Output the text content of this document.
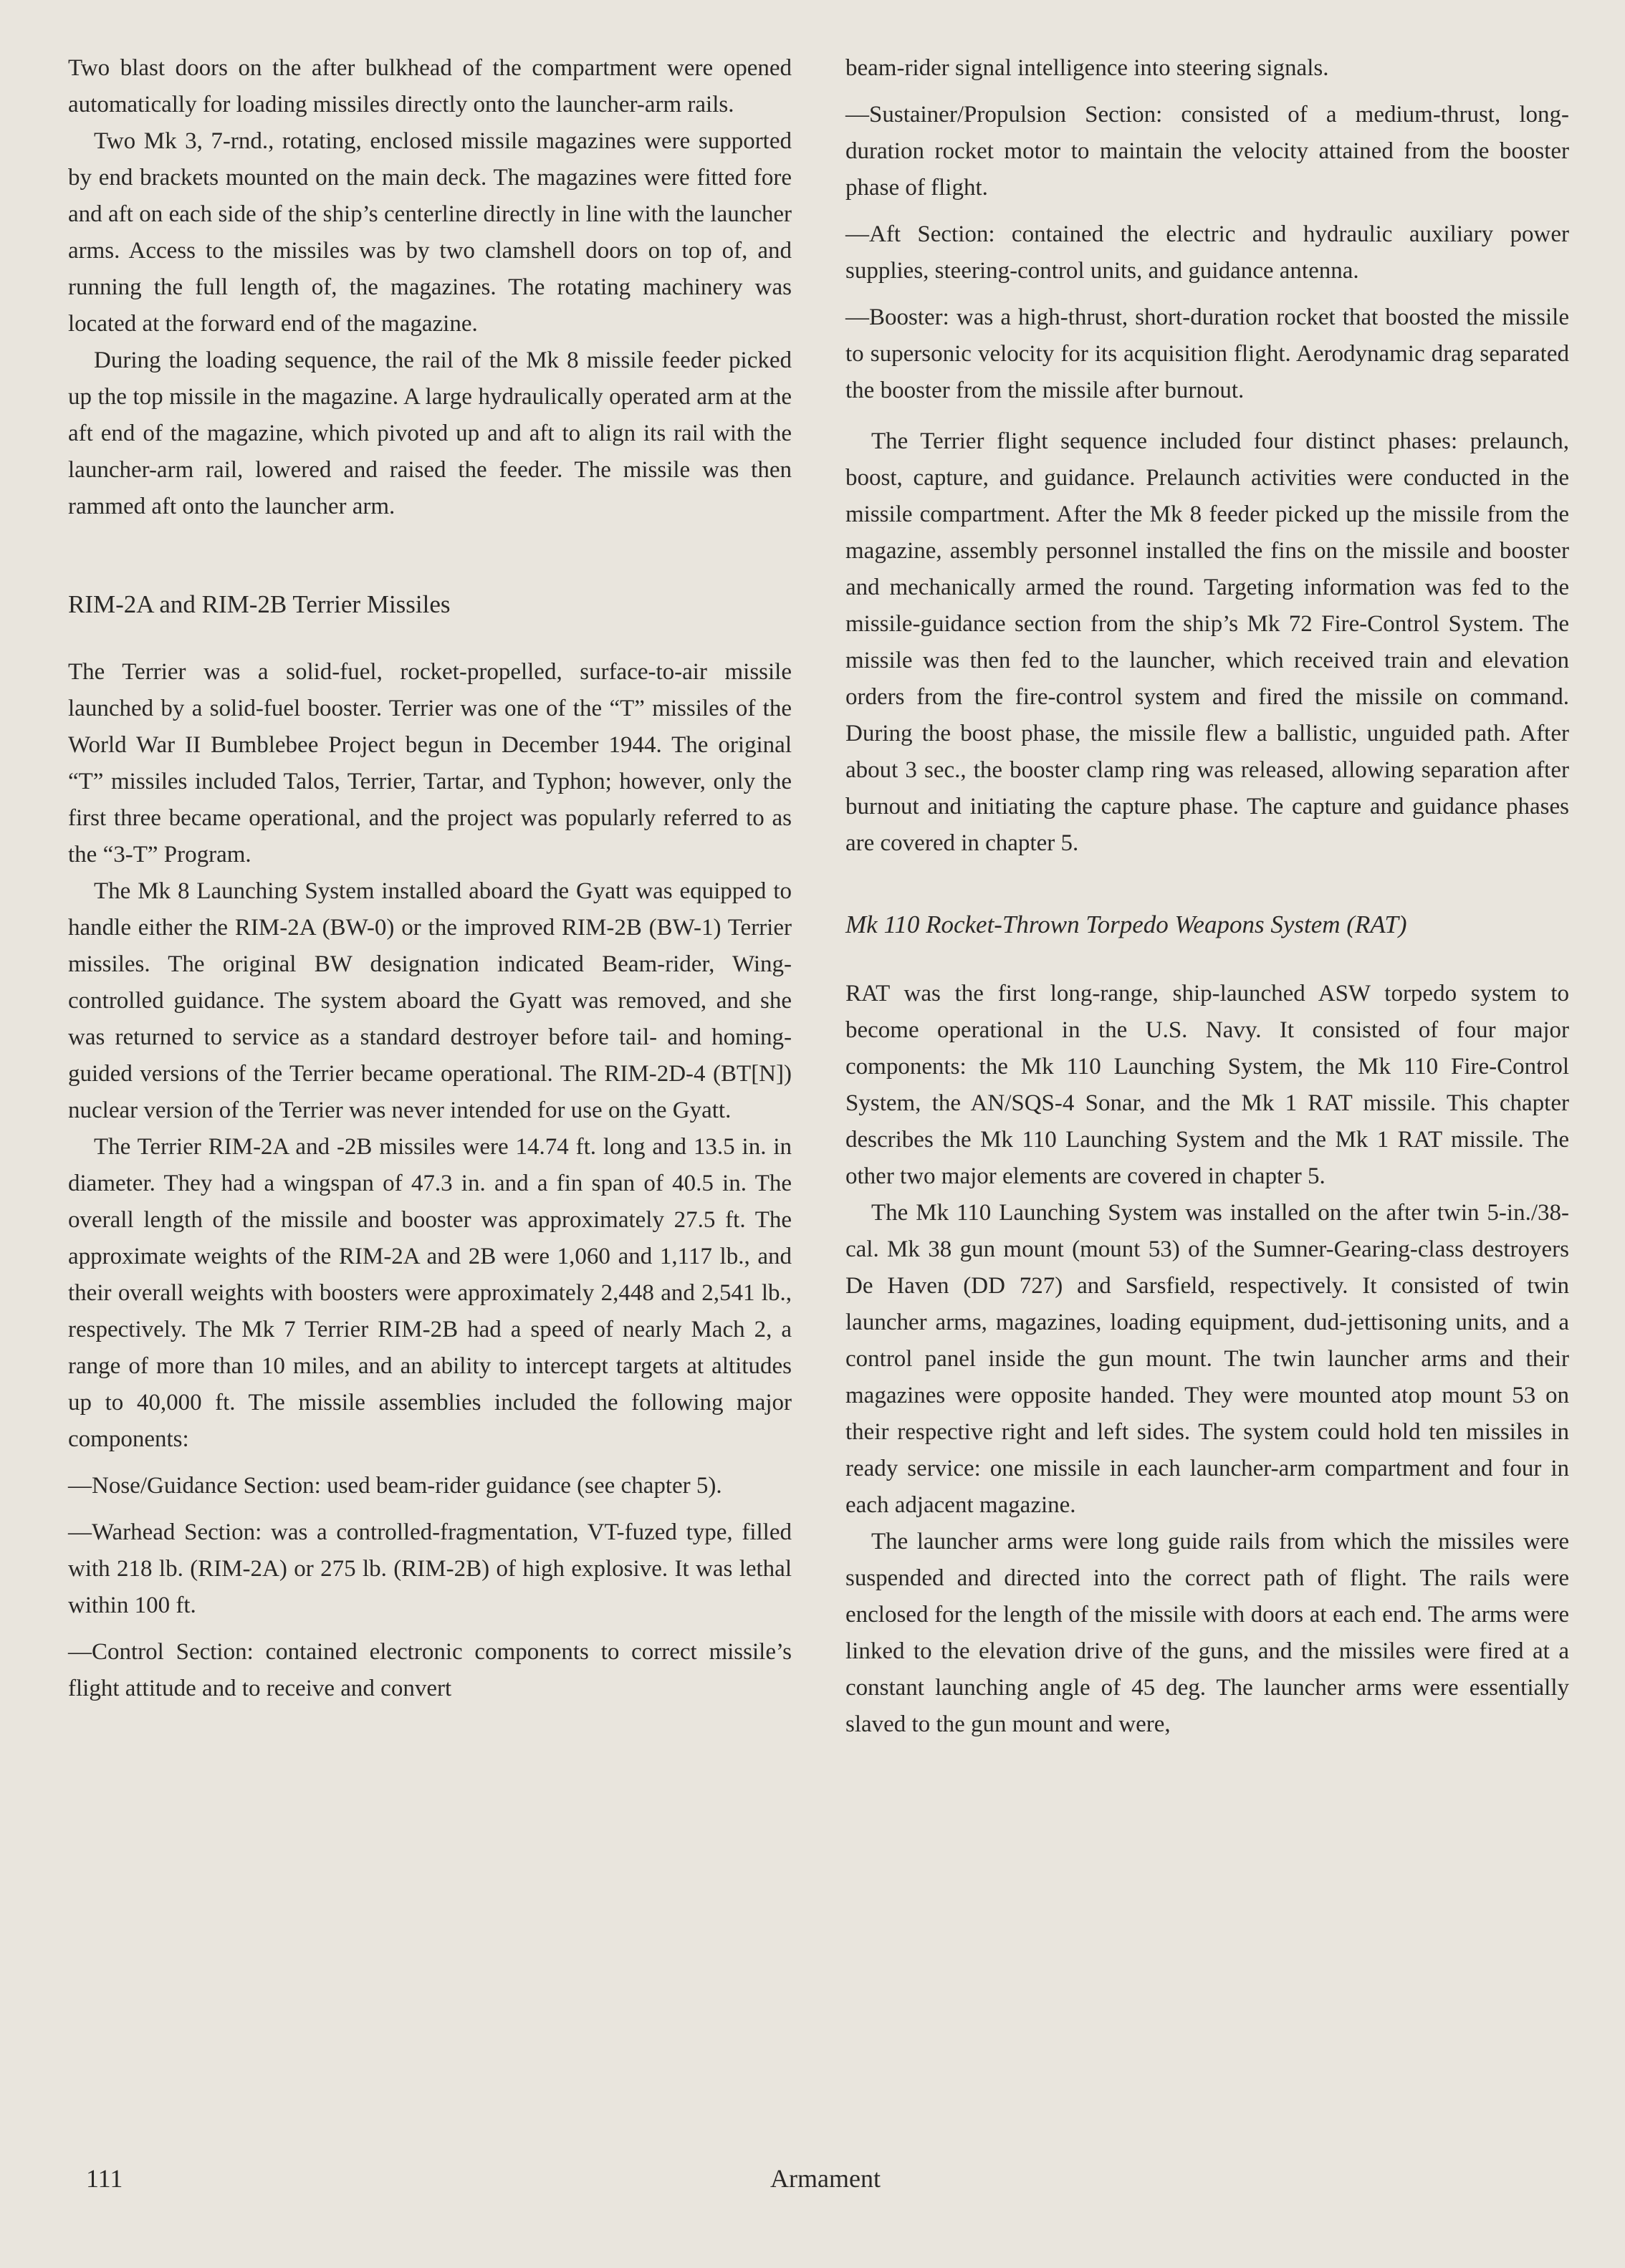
Two blast doors on the after bulkhead of the compartment were opened automatically for loading missiles directly onto the launcher-arm rails.

Two Mk 3, 7-rnd., rotating, enclosed missile magazines were supported by end brackets mounted on the main deck. The magazines were fitted fore and aft on each side of the ship’s centerline directly in line with the launcher arms. Access to the missiles was by two clamshell doors on top of, and running the full length of, the magazines. The rotating machinery was located at the forward end of the magazine.

During the loading sequence, the rail of the Mk 8 missile feeder picked up the top missile in the magazine. A large hydraulically operated arm at the aft end of the magazine, which pivoted up and aft to align its rail with the launcher-arm rail, lowered and raised the feeder. The missile was then rammed aft onto the launcher arm.

RIM-2A and RIM-2B Terrier Missiles

The Terrier was a solid-fuel, rocket-propelled, surface-to-air missile launched by a solid-fuel booster. Terrier was one of the “T” missiles of the World War II Bumblebee Project begun in December 1944. The original “T” missiles included Talos, Terrier, Tartar, and Typhon; however, only the first three became operational, and the project was popularly referred to as the “3-T” Program.

The Mk 8 Launching System installed aboard the Gyatt was equipped to handle either the RIM-2A (BW-0) or the improved RIM-2B (BW-1) Terrier missiles. The original BW designation indicated Beam-rider, Wing-controlled guidance. The system aboard the Gyatt was removed, and she was returned to service as a standard destroyer before tail- and homing-guided versions of the Terrier became operational. The RIM-2D-4 (BT[N]) nuclear version of the Terrier was never intended for use on the Gyatt.

The Terrier RIM-2A and -2B missiles were 14.74 ft. long and 13.5 in. in diameter. They had a wingspan of 47.3 in. and a fin span of 40.5 in. The overall length of the missile and booster was approximately 27.5 ft. The approximate weights of the RIM-2A and 2B were 1,060 and 1,117 lb., and their overall weights with boosters were approximately 2,448 and 2,541 lb., respectively. The Mk 7 Terrier RIM-2B had a speed of nearly Mach 2, a range of more than 10 miles, and an ability to intercept targets at altitudes up to 40,000 ft. The missile assemblies included the following major components:

—Nose/Guidance Section: used beam-rider guidance (see chapter 5).

—Warhead Section: was a controlled-fragmentation, VT-fuzed type, filled with 218 lb. (RIM-2A) or 275 lb. (RIM-2B) of high explosive. It was lethal within 100 ft.

—Control Section: contained electronic components to correct missile’s flight attitude and to receive and convert

beam-rider signal intelligence into steering signals.

—Sustainer/Propulsion Section: consisted of a medium-thrust, long-duration rocket motor to maintain the velocity attained from the booster phase of flight.

—Aft Section: contained the electric and hydraulic auxiliary power supplies, steering-control units, and guidance antenna.

—Booster: was a high-thrust, short-duration rocket that boosted the missile to supersonic velocity for its acquisition flight. Aerodynamic drag separated the booster from the missile after burnout.

The Terrier flight sequence included four distinct phases: prelaunch, boost, capture, and guidance. Prelaunch activities were conducted in the missile compartment. After the Mk 8 feeder picked up the missile from the magazine, assembly personnel installed the fins on the missile and booster and mechanically armed the round. Targeting information was fed to the missile-guidance section from the ship’s Mk 72 Fire-Control System. The missile was then fed to the launcher, which received train and elevation orders from the fire-control system and fired the missile on command. During the boost phase, the missile flew a ballistic, unguided path. After about 3 sec., the booster clamp ring was released, allowing separation after burnout and initiating the capture phase. The capture and guidance phases are covered in chapter 5.

Mk 110 Rocket-Thrown Torpedo Weapons System (RAT)

RAT was the first long-range, ship-launched ASW torpedo system to become operational in the U.S. Navy. It consisted of four major components: the Mk 110 Launching System, the Mk 110 Fire-Control System, the AN/SQS-4 Sonar, and the Mk 1 RAT missile. This chapter describes the Mk 110 Launching System and the Mk 1 RAT missile. The other two major elements are covered in chapter 5.

The Mk 110 Launching System was installed on the after twin 5-in./38-cal. Mk 38 gun mount (mount 53) of the Sumner-Gearing-class destroyers De Haven (DD 727) and Sarsfield, respectively. It consisted of twin launcher arms, magazines, loading equipment, dud-jettisoning units, and a control panel inside the gun mount. The twin launcher arms and their magazines were opposite handed. They were mounted atop mount 53 on their respective right and left sides. The system could hold ten missiles in ready service: one missile in each launcher-arm compartment and four in each adjacent magazine.

The launcher arms were long guide rails from which the missiles were suspended and directed into the correct path of flight. The rails were enclosed for the length of the missile with doors at each end. The arms were linked to the elevation drive of the guns, and the missiles were fired at a constant launching angle of 45 deg. The launcher arms were essentially slaved to the gun mount and were,

111	Armament
